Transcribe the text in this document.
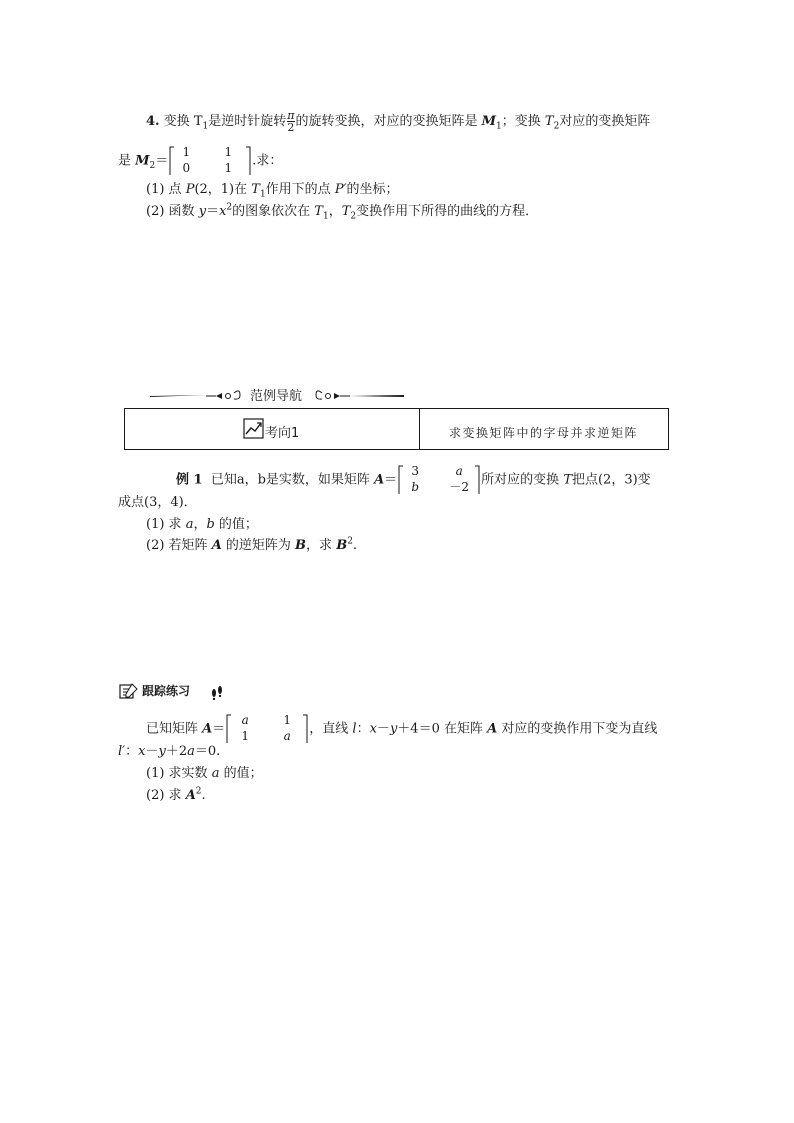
4. 变换 $T_1$是逆时针旋转 $\frac{\pi}{2}$ 的旋转变换，对应的变换矩阵是 $M_1$；变换 $T_2$对应的变换矩阵
是 $M_2=$
1	1
0	1	.求：
(1) 点 P(2，1)在 $T_1$作用下的点 P′的坐标；
(2) 函数 $y=x^2$的图象依次在 $T_1$，$T_2$变换作用下所得的曲线的方程．
范例导航
考向1	求变换矩阵中的字母并求逆矩阵
例 1 已知a，b是实数，如果矩阵 A＝
3	a
b	－2 所对应的变换 T把点(2，3)变
成点(3，4)．
(1) 求 a，b 的值；
(2) 若矩阵 A 的逆矩阵为 B，求 $B^2$.
跟踪练习
已知矩阵 A＝
a	1
1	a	，直线 l：x－y＋4＝0 在矩阵 A 对应的变换作用下变为直线
l′：x－y＋2a＝0.
(1) 求实数 a 的值；
(2) 求 $A^2$.
